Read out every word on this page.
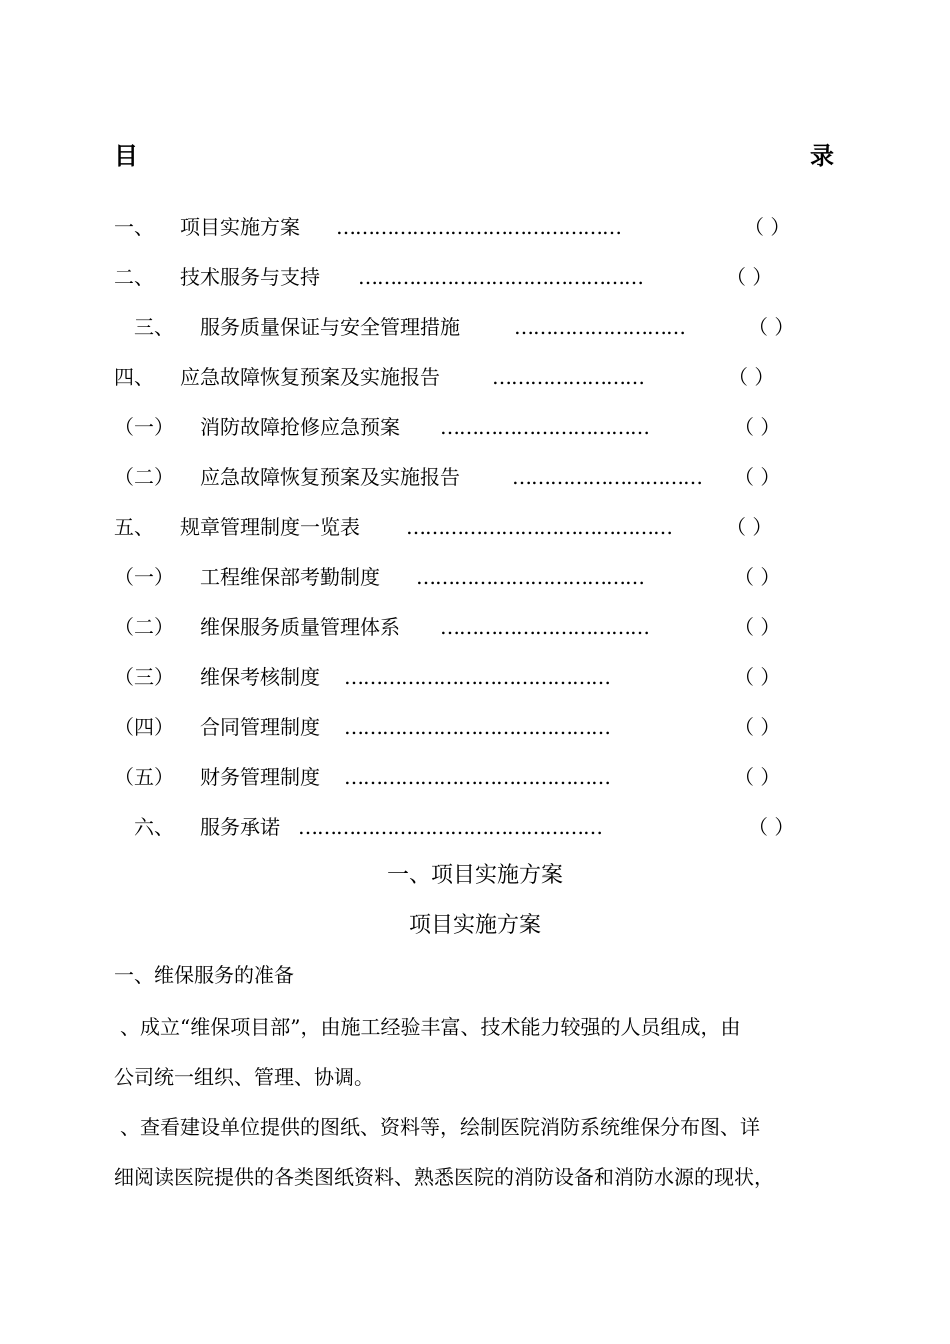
目	录
一、 项目实施方案 ………………………………………	（ ）
二、 技术服务与支持 ………………………………………	（ ）
三、 服务质量保证与安全管理措施	………………………	（ ）
四、 应急故障恢复预案及实施报告	……………………	（ ）
（一） 消防故障抢修应急预案 ……………………………	（ ）
（二） 应急故障恢复预案及实施报告	…………………………	（ ）
五、 规章管理制度一览表 ……………………………………	（ ）
（一） 工程维保部考勤制度 ………………………………	（ ）
（二） 维保服务质量管理体系 ……………………………	（ ）
（三） 维保考核制度 ……………………………………	（ ）
（四） 合同管理制度 ……………………………………	（ ）
（五） 财务管理制度 ……………………………………	（ ）
六、 服务承诺 …………………………………………	（ ）
一、项目实施方案
项目实施方案
一、维保服务的准备
、成立“维保项目部”，由施工经验丰富、技术能力较强的人员组成，由
公司统一组织、管理、协调。
、查看建设单位提供的图纸、资料等，绘制医院消防系统维保分布图、详
细阅读医院提供的各类图纸资料、熟悉医院的消防设备和消防水源的现状，
